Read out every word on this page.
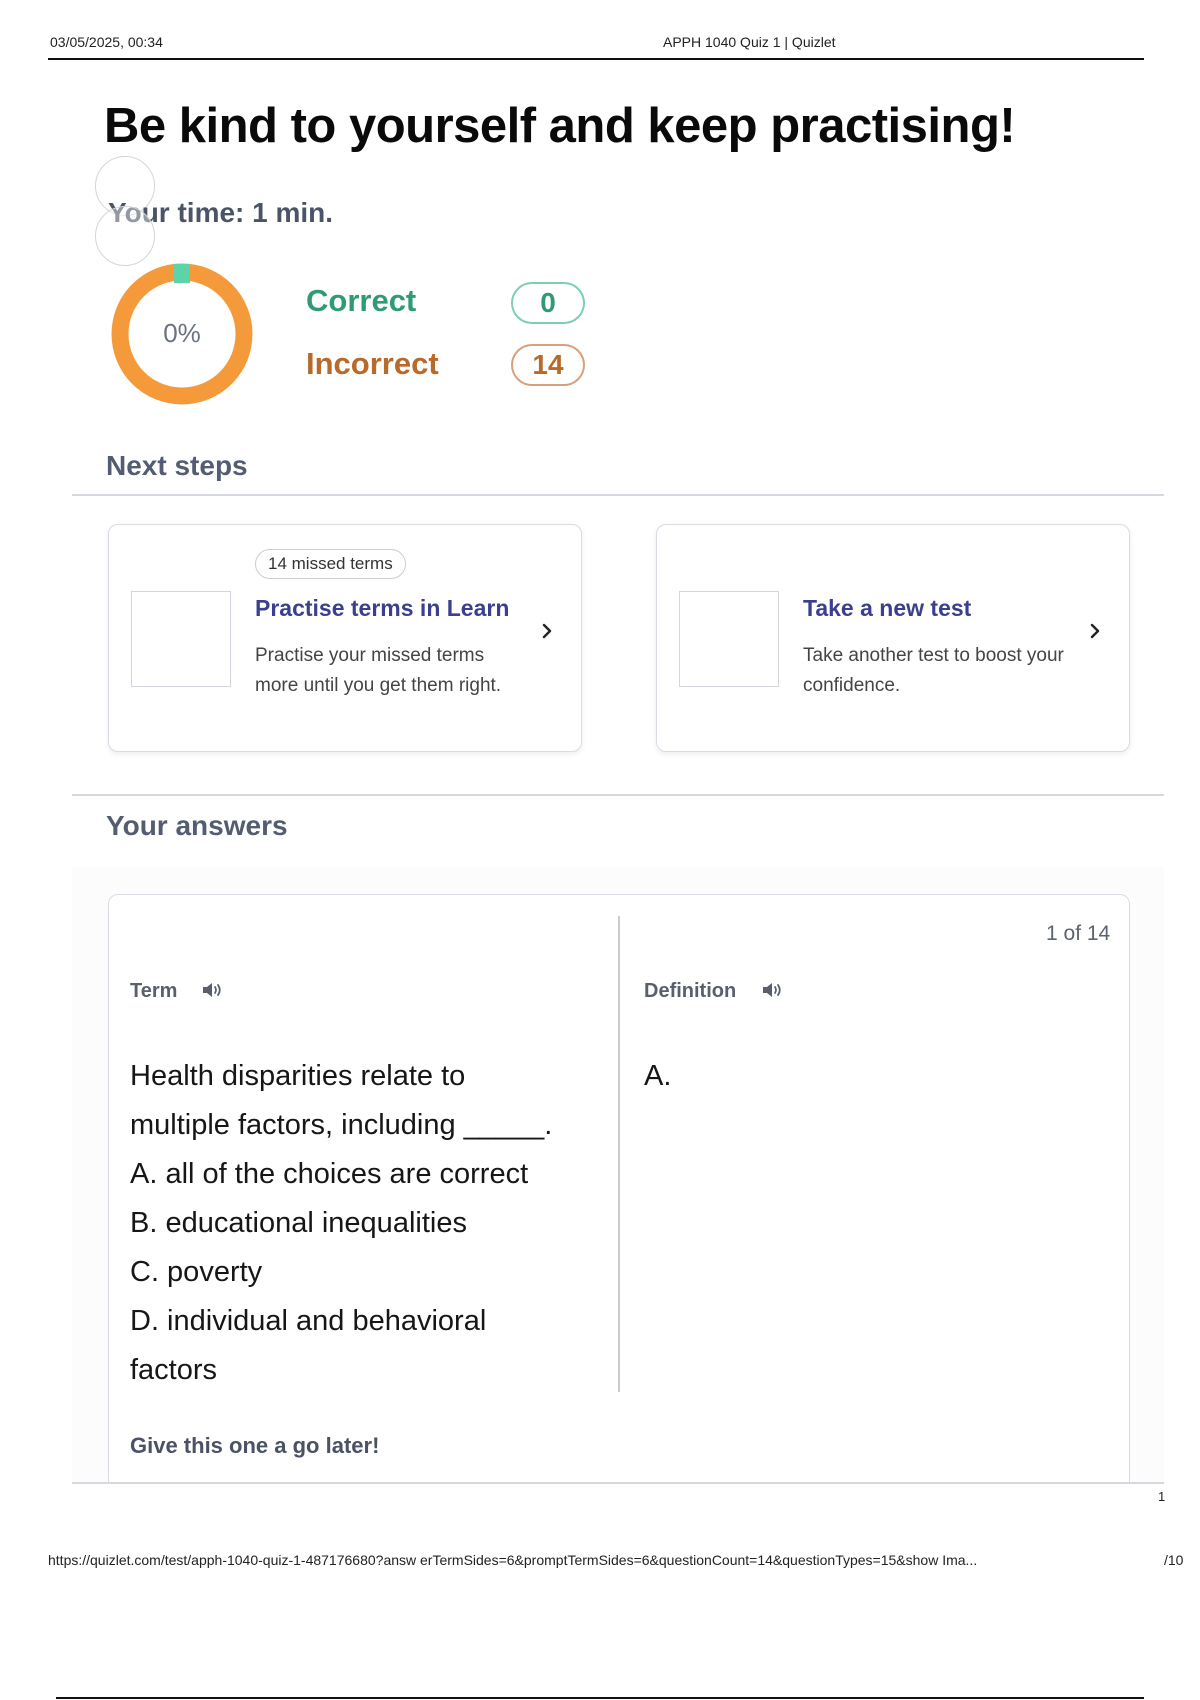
03/05/2025, 00:34	APPH 1040 Quiz 1 | Quizlet
Be kind to yourself and keep practising!
Your time: 1 min.
0%
Correct	0
Incorrect	14
Next steps
14 missed terms
Practise terms in Learn
Practise your missed terms more until you get them right.
Take a new test
Take another test to boost your confidence.
Your answers
1 of 14
Term	Definition
Health disparities relate to
multiple factors, including _____.
A. all of the choices are correct
B. educational inequalities
C. poverty
D. individual and behavioral
factors
A.
Give this one a go later!
1
https://quizlet.com/test/apph-1040-quiz-1-487176680?answ erTermSides=6&promptTermSides=6&questionCount=14&questionTypes=15&show Ima...	/10
